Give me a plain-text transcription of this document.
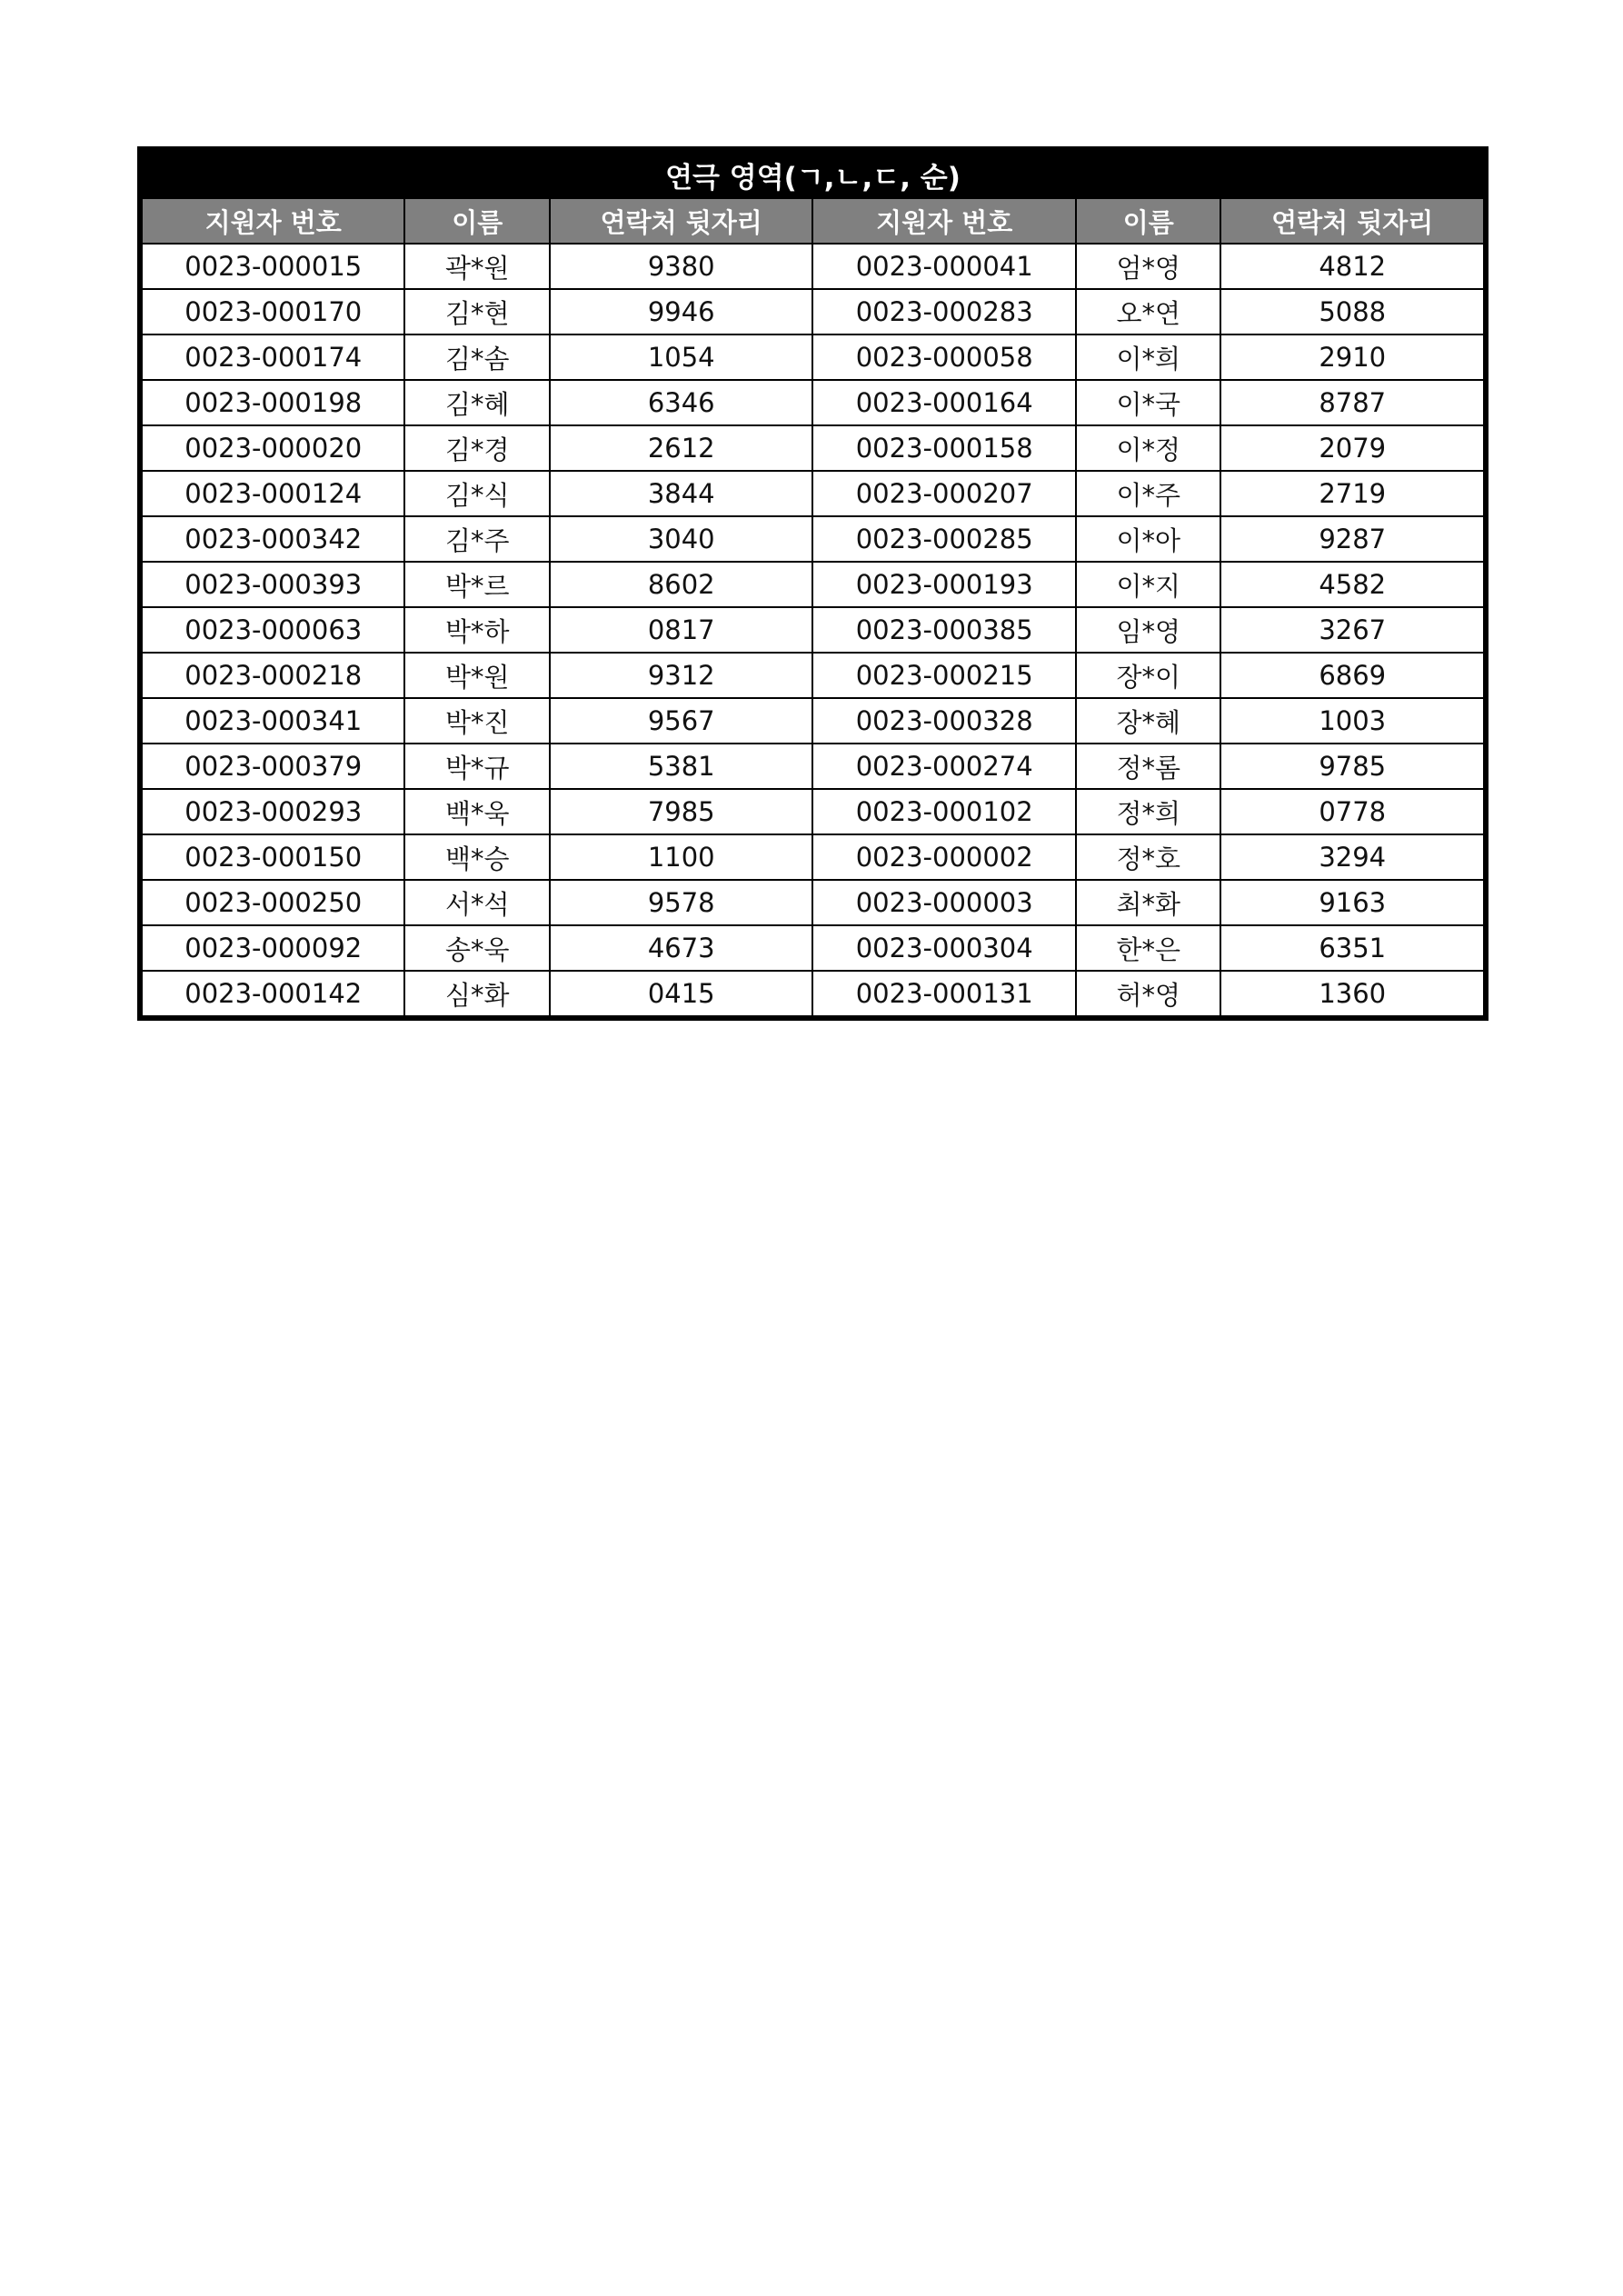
연극 영역(ㄱ,ㄴ,ㄷ, 순)					
지원자 번호	이름	연락처 뒷자리	지원자 번호	이름	연락처 뒷자리
0023-000015	곽*원	9380	0023-000041	엄*영	4812
0023-000170	김*현	9946	0023-000283	오*연	5088
0023-000174	김*솜	1054	0023-000058	이*희	2910
0023-000198	김*혜	6346	0023-000164	이*국	8787
0023-000020	김*경	2612	0023-000158	이*정	2079
0023-000124	김*식	3844	0023-000207	이*주	2719
0023-000342	김*주	3040	0023-000285	이*아	9287
0023-000393	박*르	8602	0023-000193	이*지	4582
0023-000063	박*하	0817	0023-000385	임*영	3267
0023-000218	박*원	9312	0023-000215	장*이	6869
0023-000341	박*진	9567	0023-000328	장*혜	1003
0023-000379	박*규	5381	0023-000274	정*롬	9785
0023-000293	백*욱	7985	0023-000102	정*희	0778
0023-000150	백*승	1100	0023-000002	정*호	3294
0023-000250	서*석	9578	0023-000003	최*화	9163
0023-000092	송*욱	4673	0023-000304	한*은	6351
0023-000142	심*화	0415	0023-000131	허*영	1360
